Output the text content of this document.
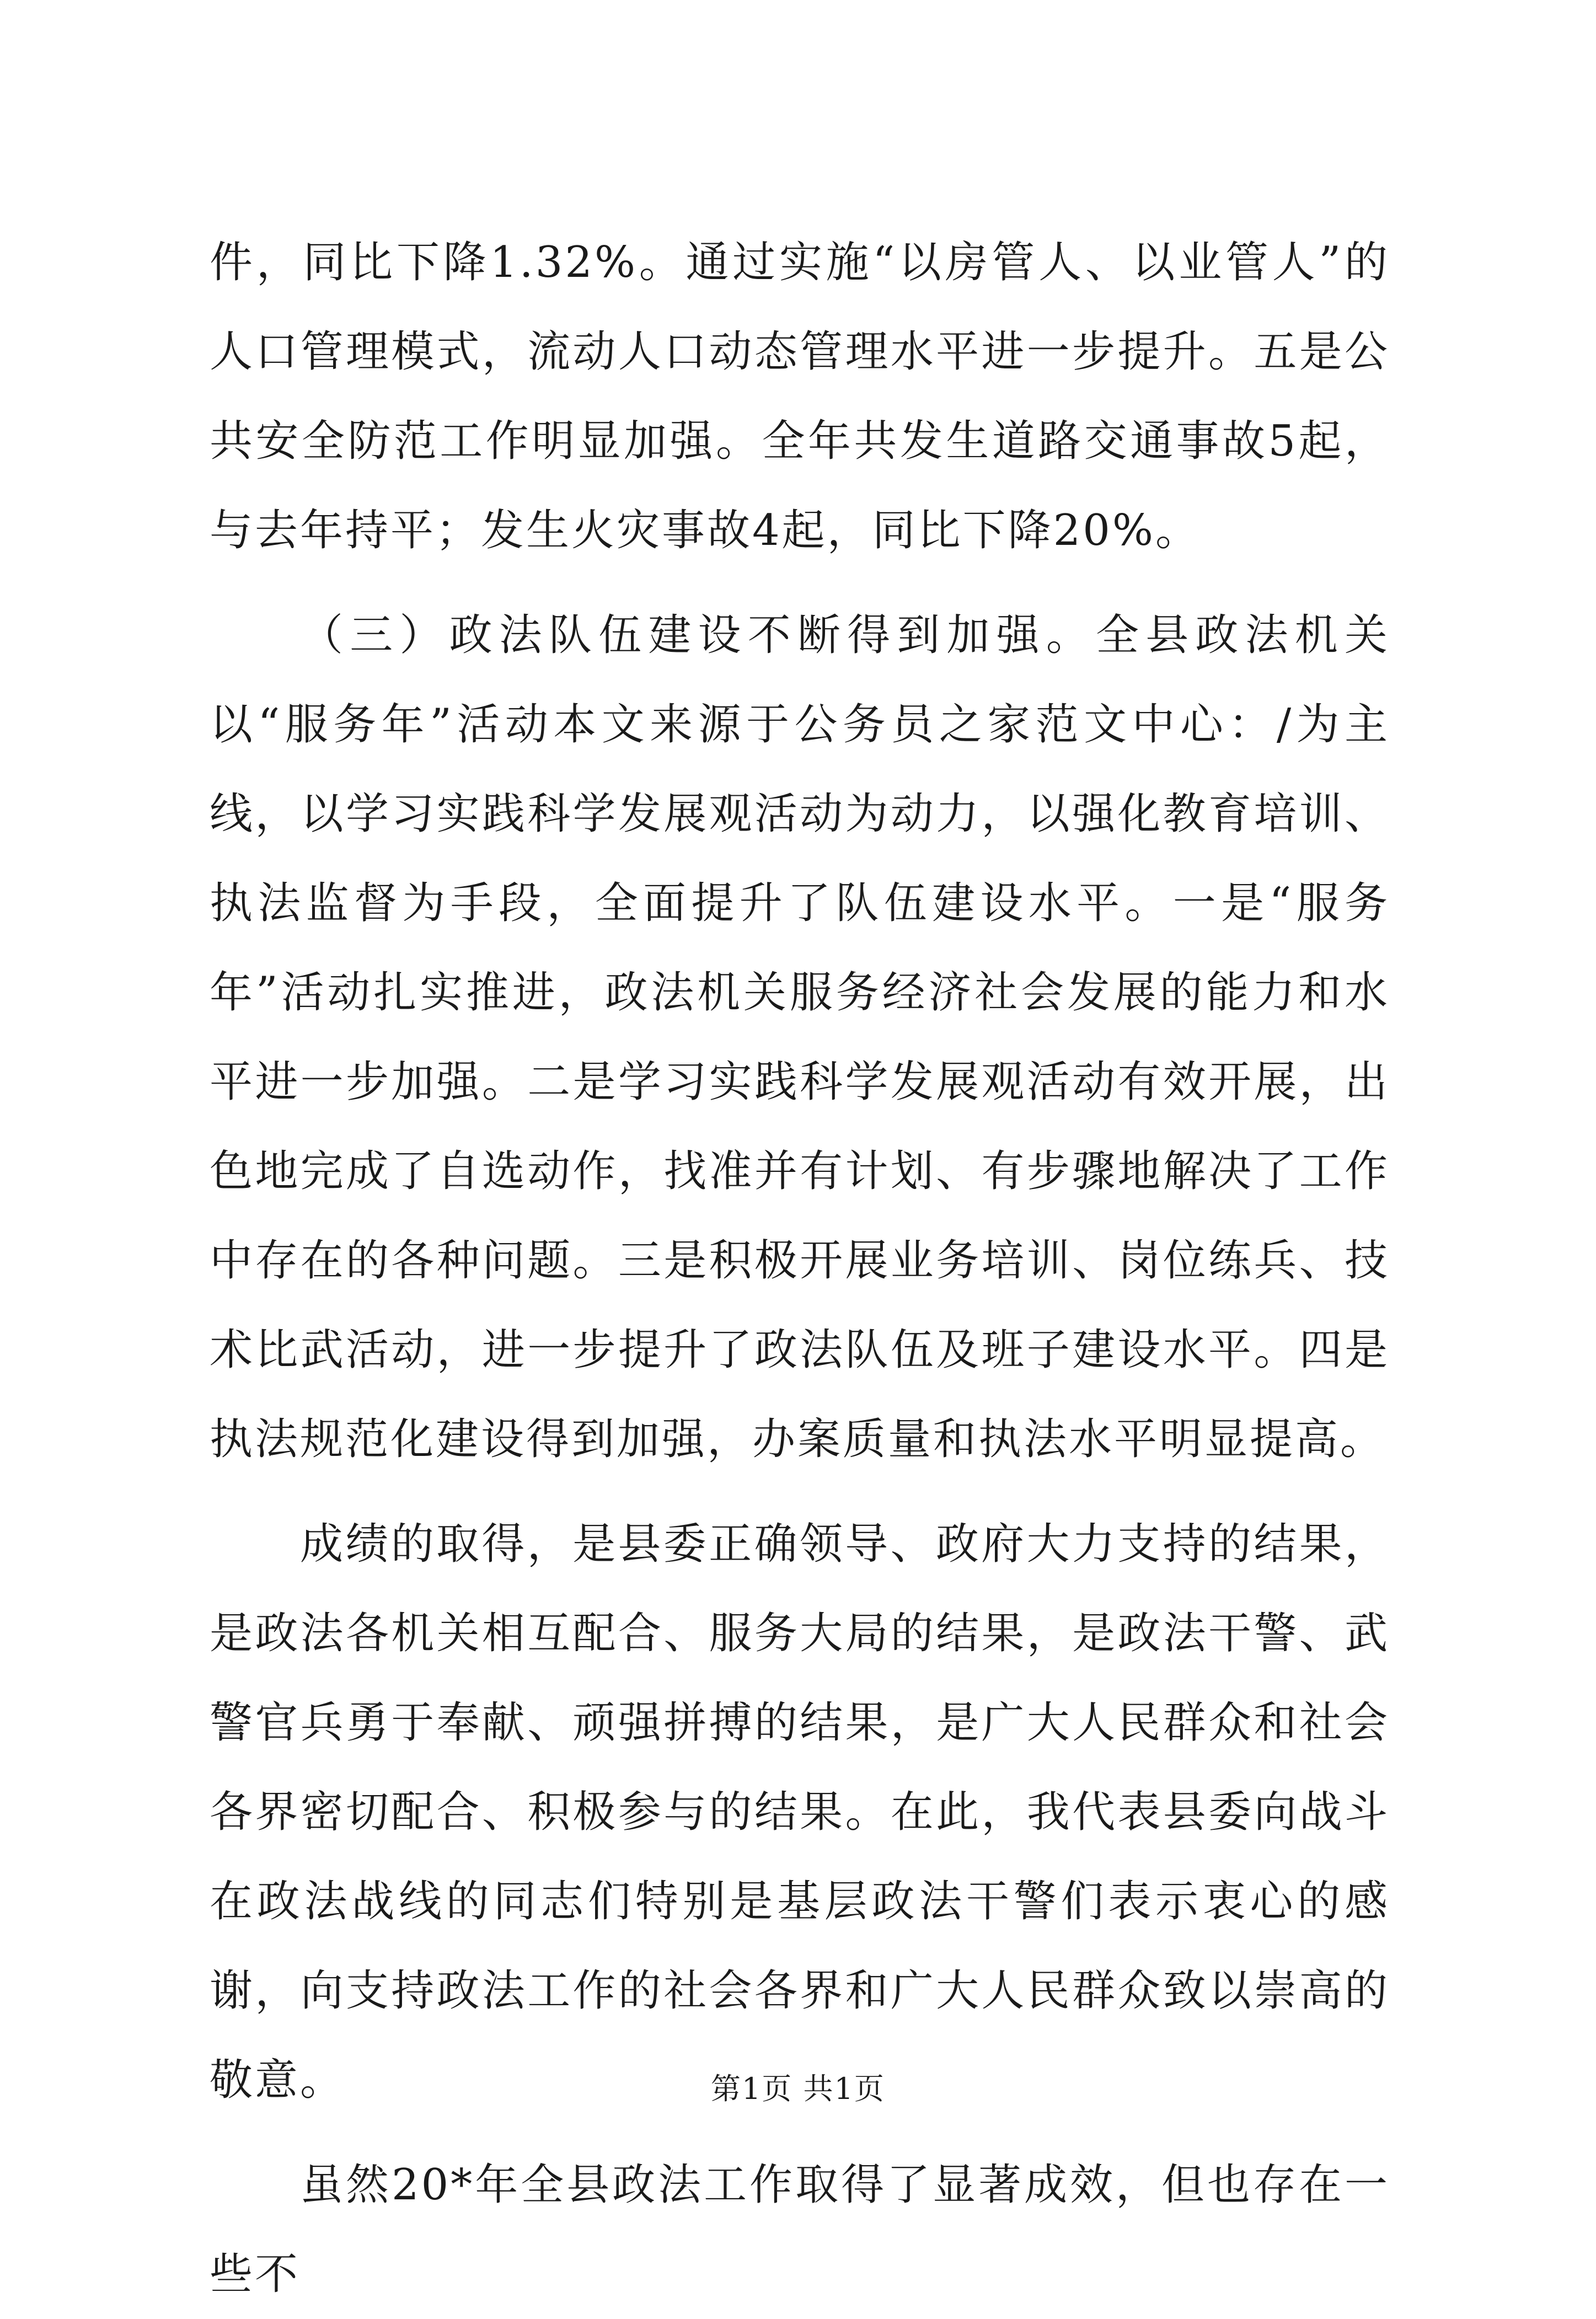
件，同比下降1.32%。通过实施“以房管人、以业管人”的人口管理模式，流动人口动态管理水平进一步提升。五是公共安全防范工作明显加强。全年共发生道路交通事故5起，与去年持平；发生火灾事故4起，同比下降20%。

（三）政法队伍建设不断得到加强。全县政法机关以“服务年”活动本文来源于公务员之家范文中心：/为主线，以学习实践科学发展观活动为动力，以强化教育培训、执法监督为手段，全面提升了队伍建设水平。一是“服务年”活动扎实推进，政法机关服务经济社会发展的能力和水平进一步加强。二是学习实践科学发展观活动有效开展，出色地完成了自选动作，找准并有计划、有步骤地解决了工作中存在的各种问题。三是积极开展业务培训、岗位练兵、技术比武活动，进一步提升了政法队伍及班子建设水平。四是执法规范化建设得到加强，办案质量和执法水平明显提高。

成绩的取得，是县委正确领导、政府大力支持的结果，是政法各机关相互配合、服务大局的结果，是政法干警、武警官兵勇于奉献、顽强拼搏的结果，是广大人民群众和社会各界密切配合、积极参与的结果。在此，我代表县委向战斗在政法战线的同志们特别是基层政法干警们表示衷心的感谢，向支持政法工作的社会各界和广大人民群众致以崇高的敬意。

虽然20*年全县政法工作取得了显著成效，但也存在一些不

第1页 共1页
